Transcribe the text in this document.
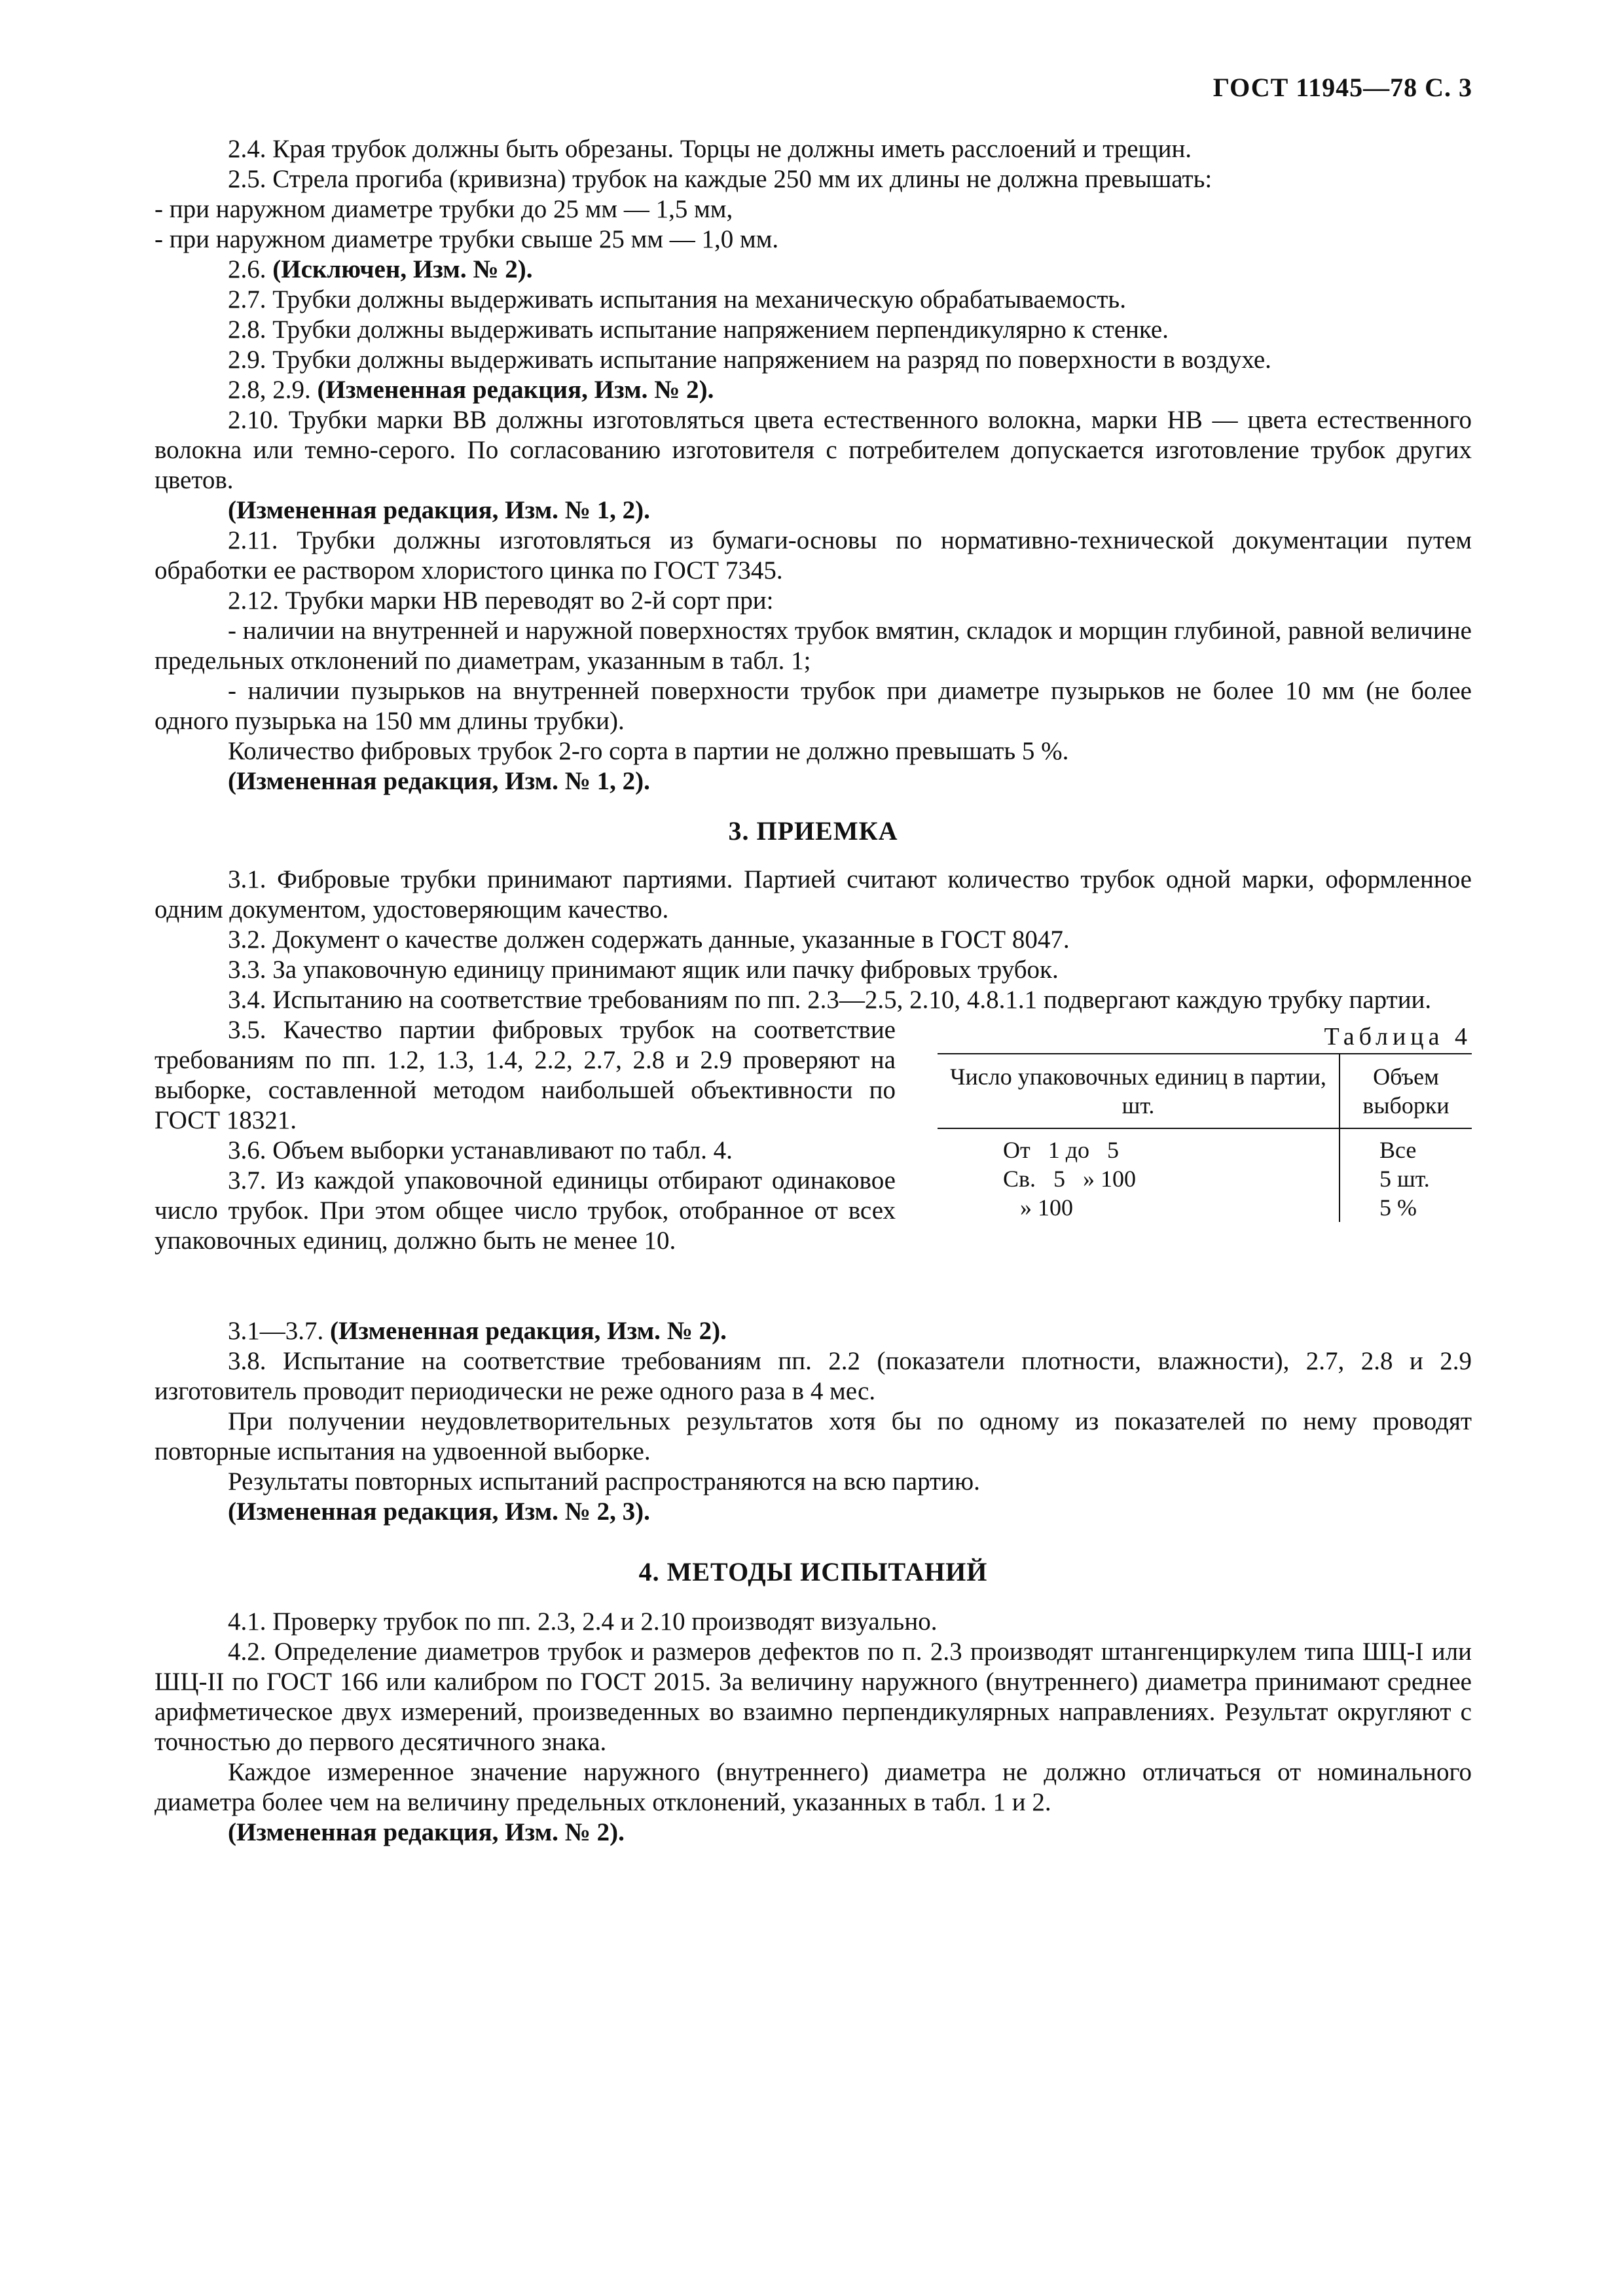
ГОСТ 11945—78 С. 3

2.4. Края трубок должны быть обрезаны. Торцы не должны иметь расслоений и трещин.

2.5. Стрела прогиба (кривизна) трубок на каждые 250 мм их длины не должна превышать:

- при наружном диаметре трубки до 25 мм — 1,5 мм,

- при наружном диаметре трубки свыше 25 мм — 1,0 мм.

2.6. (Исключен, Изм. № 2).

2.7. Трубки должны выдерживать испытания на механическую обрабатываемость.

2.8. Трубки должны выдерживать испытание напряжением перпендикулярно к стенке.

2.9. Трубки должны выдерживать испытание напряжением на разряд по поверхности в воздухе.

2.8, 2.9. (Измененная редакция, Изм. № 2).

2.10. Трубки марки ВВ должны изготовляться цвета естественного волокна, марки НВ — цвета естественного волокна или темно-серого. По согласованию изготовителя с потребителем допускается изготовление трубок других цветов.

(Измененная редакция, Изм. № 1, 2).

2.11. Трубки должны изготовляться из бумаги-основы по нормативно-технической документации путем обработки ее раствором хлористого цинка по ГОСТ 7345.

2.12. Трубки марки НВ переводят во 2-й сорт при:

- наличии на внутренней и наружной поверхностях трубок вмятин, складок и морщин глубиной, равной величине предельных отклонений по диаметрам, указанным в табл. 1;

- наличии пузырьков на внутренней поверхности трубок при диаметре пузырьков не более 10 мм (не более одного пузырька на 150 мм длины трубки).

Количество фибровых трубок 2-го сорта в партии не должно превышать 5 %.

(Измененная редакция, Изм. № 1, 2).

3. ПРИЕМКА

3.1. Фибровые трубки принимают партиями. Партией считают количество трубок одной марки, оформленное одним документом, удостоверяющим качество.

3.2. Документ о качестве должен содержать данные, указанные в ГОСТ 8047.

3.3. За упаковочную единицу принимают ящик или пачку фибровых трубок.

3.4. Испытанию на соответствие требованиям по пп. 2.3—2.5, 2.10, 4.8.1.1 подвергают каждую трубку партии.

3.5. Качество партии фибровых трубок на соответствие требованиям по пп. 1.2, 1.3, 1.4, 2.2, 2.7, 2.8 и 2.9 проверяют на выборке, составленной методом наибольшей объективности по ГОСТ 18321.

3.6. Объем выборки устанавливают по табл. 4.

3.7. Из каждой упаковочной единицы отбирают одинаковое число трубок. При этом общее число трубок, отобранное от всех упаковочных единиц, должно быть не менее 10.

Таблица 4
Число упаковочных единиц в партии, шт.	Объем выборки
От   1 до   5	Все
Св.   5   » 100	5 шт.
» 100	5 %

3.1—3.7. (Измененная редакция, Изм. № 2).

3.8. Испытание на соответствие требованиям пп. 2.2 (показатели плотности, влажности), 2.7, 2.8 и 2.9 изготовитель проводит периодически не реже одного раза в 4 мес.

При получении неудовлетворительных результатов хотя бы по одному из показателей по нему проводят повторные испытания на удвоенной выборке.

Результаты повторных испытаний распространяются на всю партию.

(Измененная редакция, Изм. № 2, 3).

4. МЕТОДЫ ИСПЫТАНИЙ

4.1. Проверку трубок по пп. 2.3, 2.4 и 2.10 производят визуально.

4.2. Определение диаметров трубок и размеров дефектов по п. 2.3 производят штангенциркулем типа ШЦ-I или ШЦ-II по ГОСТ 166 или калибром по ГОСТ 2015. За величину наружного (внутреннего) диаметра принимают среднее арифметическое двух измерений, произведенных во взаимно перпендикулярных направлениях. Результат округляют с точностью до первого десятичного знака.

Каждое измеренное значение наружного (внутреннего) диаметра не должно отличаться от номинального диаметра более чем на величину предельных отклонений, указанных в табл. 1 и 2.

(Измененная редакция, Изм. № 2).
